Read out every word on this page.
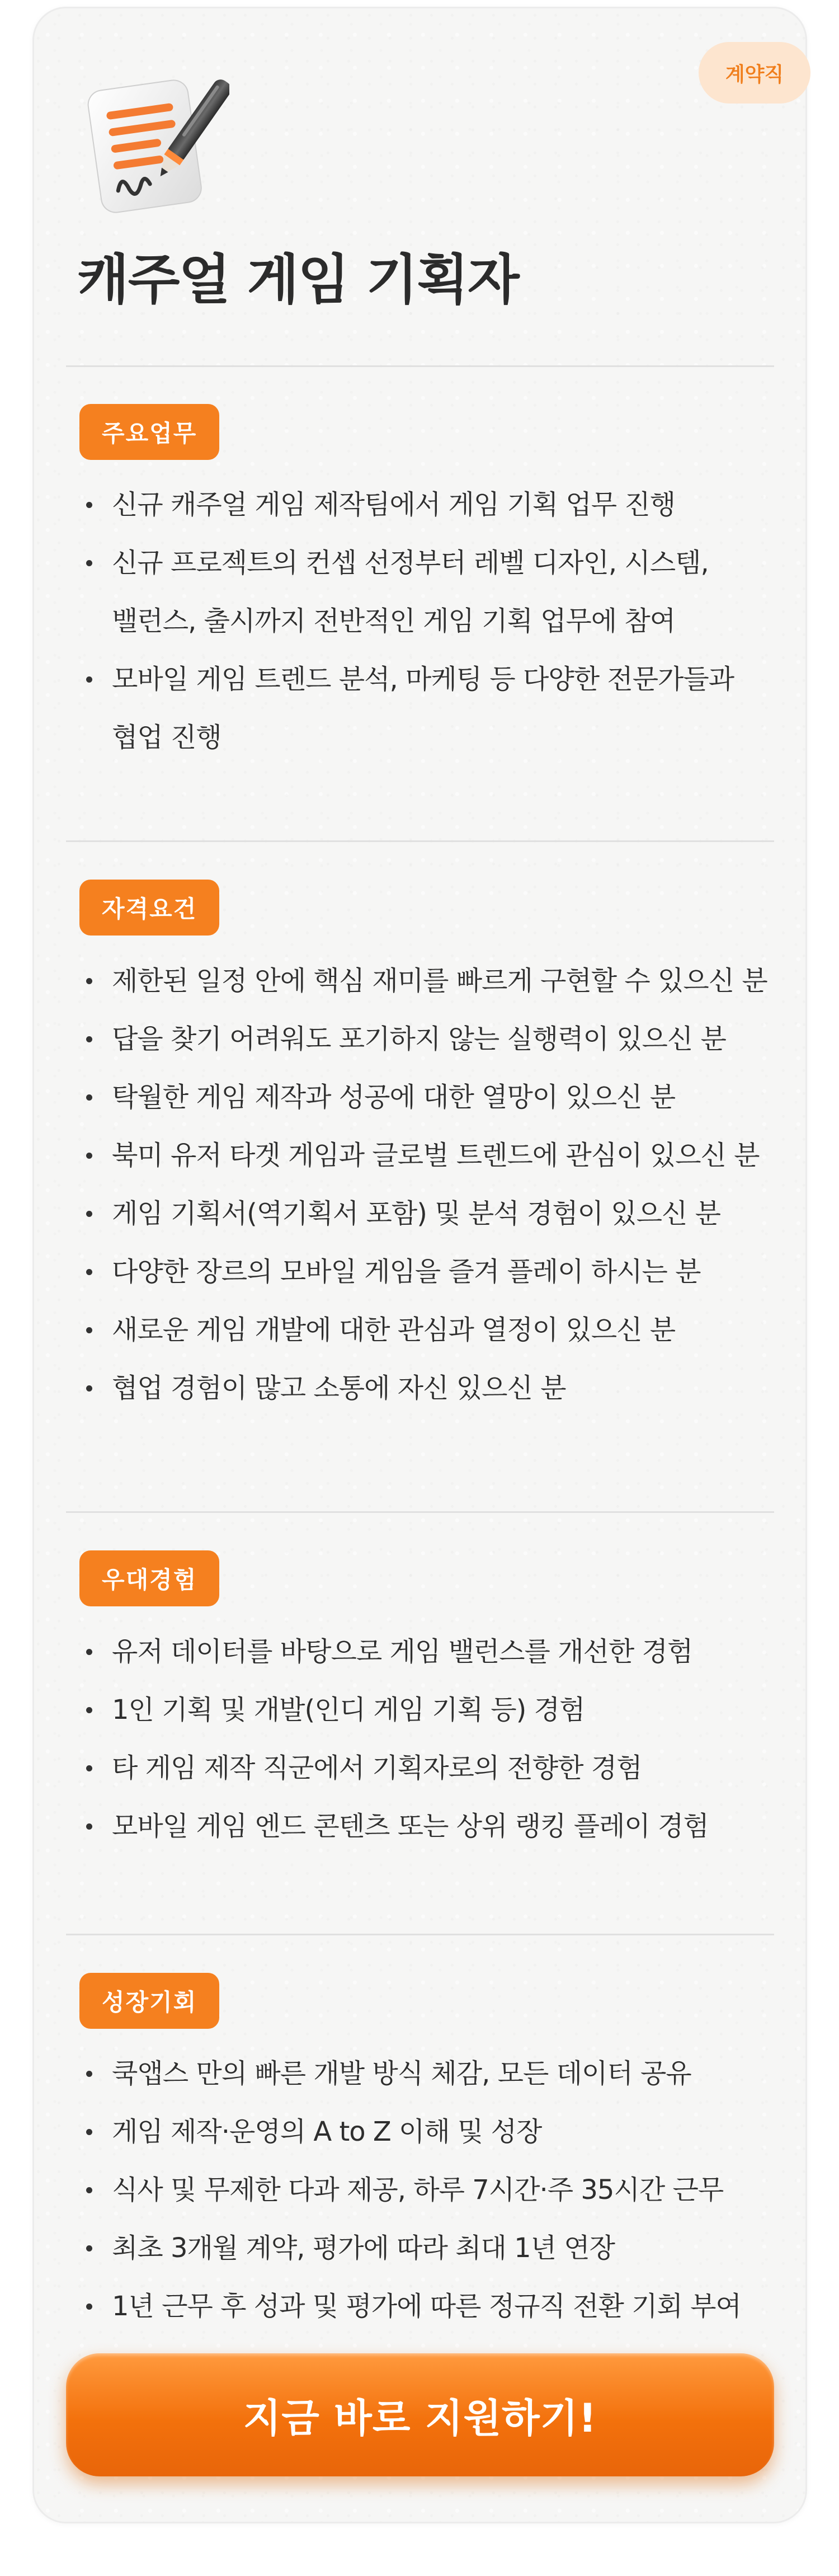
계약직
캐주얼 게임 기획자
주요업무
신규 캐주얼 게임 제작팀에서 게임 기획 업무 진행
신규 프로젝트의 컨셉 선정부터 레벨 디자인, 시스템,
밸런스, 출시까지 전반적인 게임 기획 업무에 참여
모바일 게임 트렌드 분석, 마케팅 등 다양한 전문가들과
협업 진행
자격요건
제한된 일정 안에 핵심 재미를 빠르게 구현할 수 있으신 분
답을 찾기 어려워도 포기하지 않는 실행력이 있으신 분
탁월한 게임 제작과 성공에 대한 열망이 있으신 분
북미 유저 타겟 게임과 글로벌 트렌드에 관심이 있으신 분
게임 기획서(역기획서 포함) 및 분석 경험이 있으신 분
다양한 장르의 모바일 게임을 즐겨 플레이 하시는 분
새로운 게임 개발에 대한 관심과 열정이 있으신 분
협업 경험이 많고 소통에 자신 있으신 분
우대경험
유저 데이터를 바탕으로 게임 밸런스를 개선한 경험
1인 기획 및 개발(인디 게임 기획 등) 경험
타 게임 제작 직군에서 기획자로의 전향한 경험
모바일 게임 엔드 콘텐츠 또는 상위 랭킹 플레이 경험
성장기회
쿡앱스 만의 빠른 개발 방식 체감, 모든 데이터 공유
게임 제작·운영의 A to Z 이해 및 성장
식사 및 무제한 다과 제공, 하루 7시간·주 35시간 근무
최초 3개월 계약, 평가에 따라 최대 1년 연장
1년 근무 후 성과 및 평가에 따른 정규직 전환 기회 부여
지금 바로 지원하기!
